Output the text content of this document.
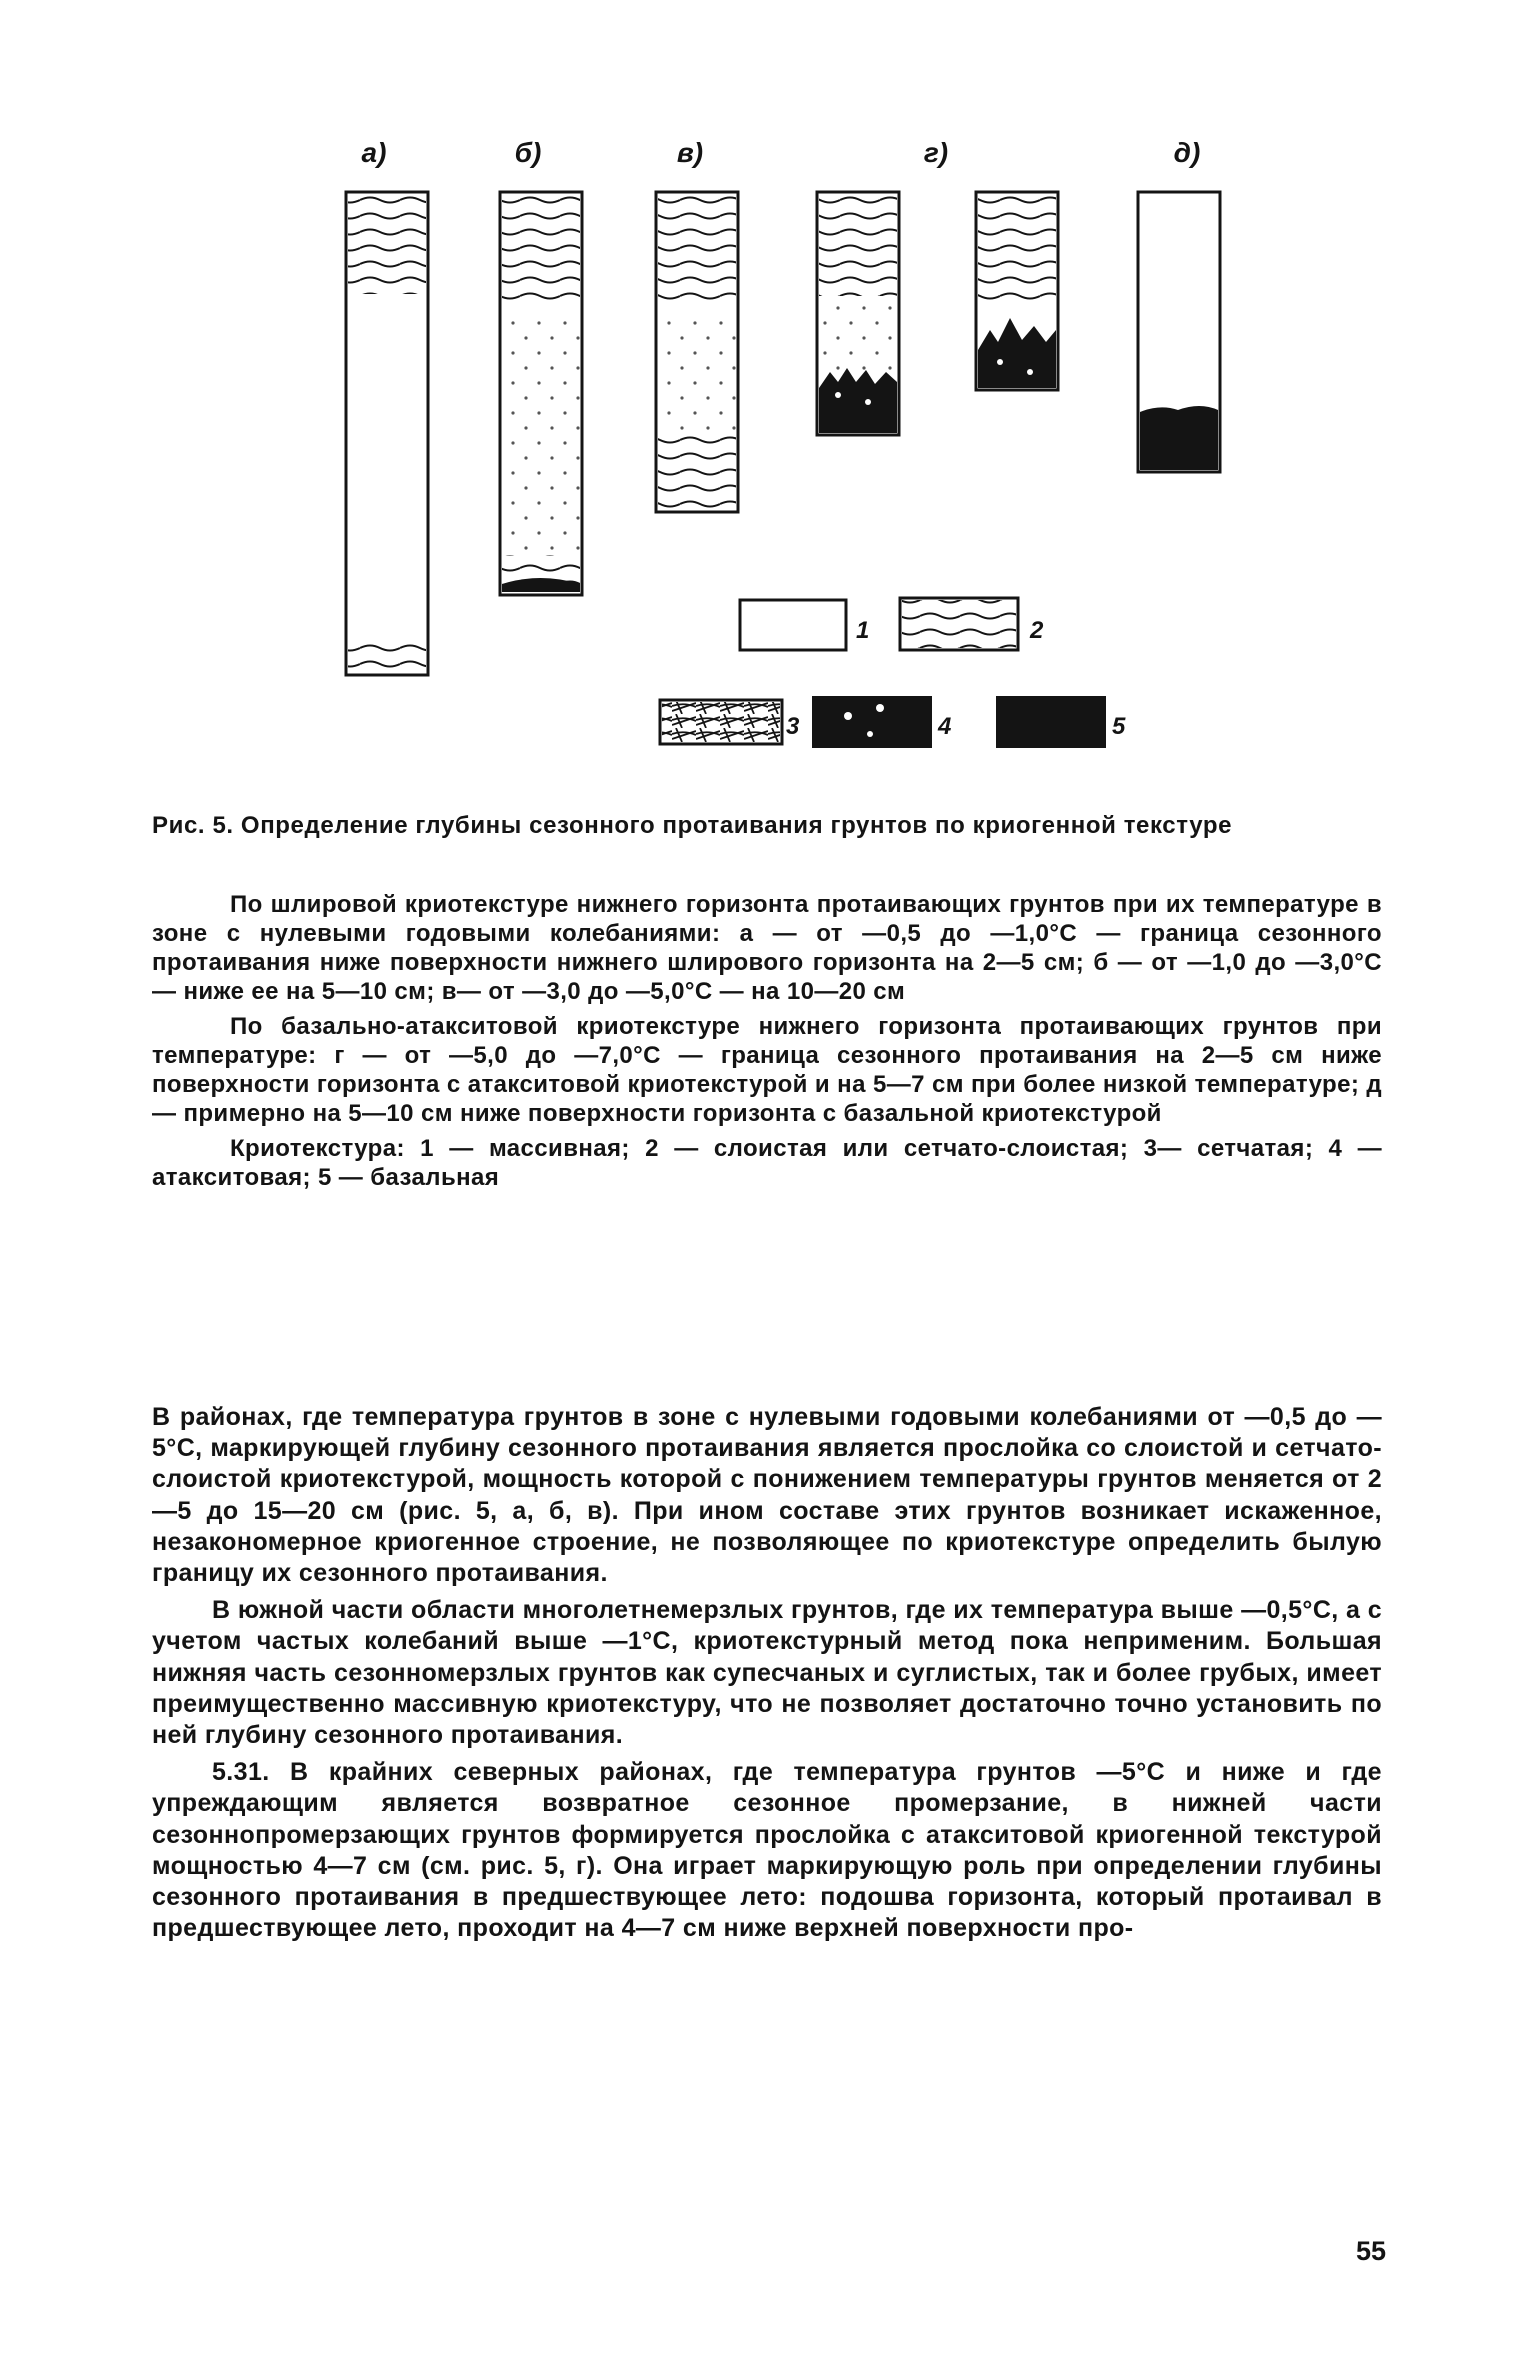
а)	б)	в)	г)	д)
1	2
3	4	5
Рис. 5. Определение глубины сезонного протаивания грунтов по криогенной текстуре

По шлировой криотекстуре нижнего горизонта протаивающих грунтов при их температуре в зоне с нулевыми годовыми колебаниями: а — от —0,5 до —1,0°С — граница сезонного протаивания ниже поверхности нижнего шлирового горизонта на 2—5 см; б — от —1,0 до —3,0°С — ниже ее на 5—10 см; в— от —3,0 до —5,0°С — на 10—20 см

По базально-атакситовой криотекстуре нижнего горизонта протаивающих грунтов при температуре: г — от —5,0 до —7,0°С — граница сезонного протаивания на 2—5 см ниже поверхности горизонта с атакситовой криотекстурой и на 5—7 см при более низкой температуре; д — примерно на 5—10 см ниже поверхности горизонта с базальной криотекстурой

Криотекстура: 1 — массивная; 2 — слоистая или сетчато-слоистая; 3— сетчатая; 4 — атакситовая; 5 — базальная

В районах, где температура грунтов в зоне с нулевыми годовыми колебаниями от —0,5 до —5°С, маркирующей глубину сезонного протаивания является прослойка со слоистой и сетчато-слоистой криотекстурой, мощность которой с понижением температуры грунтов меняется от 2—5 до 15—20 см (рис. 5, а, б, в). При ином составе этих грунтов возникает искаженное, незакономерное криогенное строение, не позволяющее по криотекстуре определить былую границу их сезонного протаивания.

В южной части области многолетнемерзлых грунтов, где их температура выше —0,5°С, а с учетом частых колебаний выше —1°С, криотекстурный метод пока неприменим. Большая нижняя часть сезонномерзлых грунтов как супесчаных и суглистых, так и более грубых, имеет преимущественно массивную криотекстуру, что не позволяет достаточно точно установить по ней глубину сезонного протаивания.

5.31. В крайних северных районах, где температура грунтов —5°С и ниже и где упреждающим является возвратное сезонное промерзание, в нижней части сезоннопромерзающих грунтов формируется прослойка с атакситовой криогенной текстурой мощностью 4—7 см (см. рис. 5, г). Она играет маркирующую роль при определении глубины сезонного протаивания в предшествующее лето: подошва горизонта, который протаивал в предшествующее лето, проходит на 4—7 см ниже верхней поверхности про-

55
